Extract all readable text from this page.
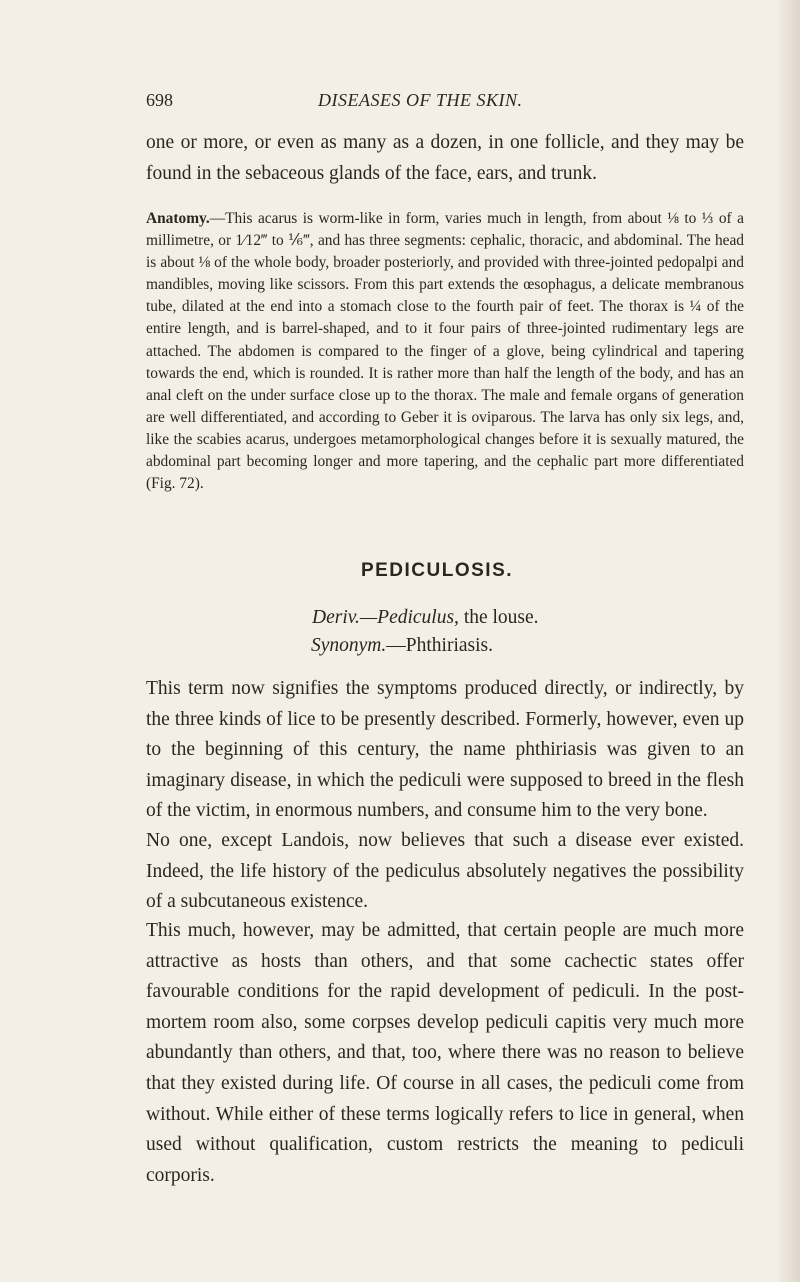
698	DISEASES OF THE SKIN.

one or more, or even as many as a dozen, in one follicle, and they may be found in the sebaceous glands of the face, ears, and trunk.

Anatomy.—This acarus is worm-like in form, varies much in length, from about ⅛ to ⅓ of a millimetre, or 1⁄12‴ to ⅙‴, and has three segments: cephalic, thoracic, and abdominal. The head is about ⅛ of the whole body, broader posteriorly, and provided with three-jointed pedopalpi and mandibles, moving like scissors. From this part extends the œsophagus, a delicate membranous tube, dilated at the end into a stomach close to the fourth pair of feet. The thorax is ¼ of the entire length, and is barrel-shaped, and to it four pairs of three-jointed rudimentary legs are attached. The abdomen is compared to the finger of a glove, being cylindrical and tapering towards the end, which is rounded. It is rather more than half the length of the body, and has an anal cleft on the under surface close up to the thorax. The male and female organs of generation are well differentiated, and according to Geber it is oviparous. The larva has only six legs, and, like the scabies acarus, undergoes metamorphological changes before it is sexually matured, the abdominal part becoming longer and more tapering, and the cephalic part more differentiated (Fig. 72).

PEDICULOSIS.
Deriv.—Pediculus, the louse.
Synonym.—Phthiriasis.

This term now signifies the symptoms produced directly, or indirectly, by the three kinds of lice to be presently described. Formerly, however, even up to the beginning of this century, the name phthiriasis was given to an imaginary disease, in which the pediculi were supposed to breed in the flesh of the victim, in enormous numbers, and consume him to the very bone.

No one, except Landois, now believes that such a disease ever existed. Indeed, the life history of the pediculus absolutely negatives the possibility of a subcutaneous existence.

This much, however, may be admitted, that certain people are much more attractive as hosts than others, and that some cachectic states offer favourable conditions for the rapid development of pediculi. In the post-mortem room also, some corpses develop pediculi capitis very much more abundantly than others, and that, too, where there was no reason to believe that they existed during life. Of course in all cases, the pediculi come from without. While either of these terms logically refers to lice in general, when used without qualification, custom restricts the meaning to pediculi corporis.
